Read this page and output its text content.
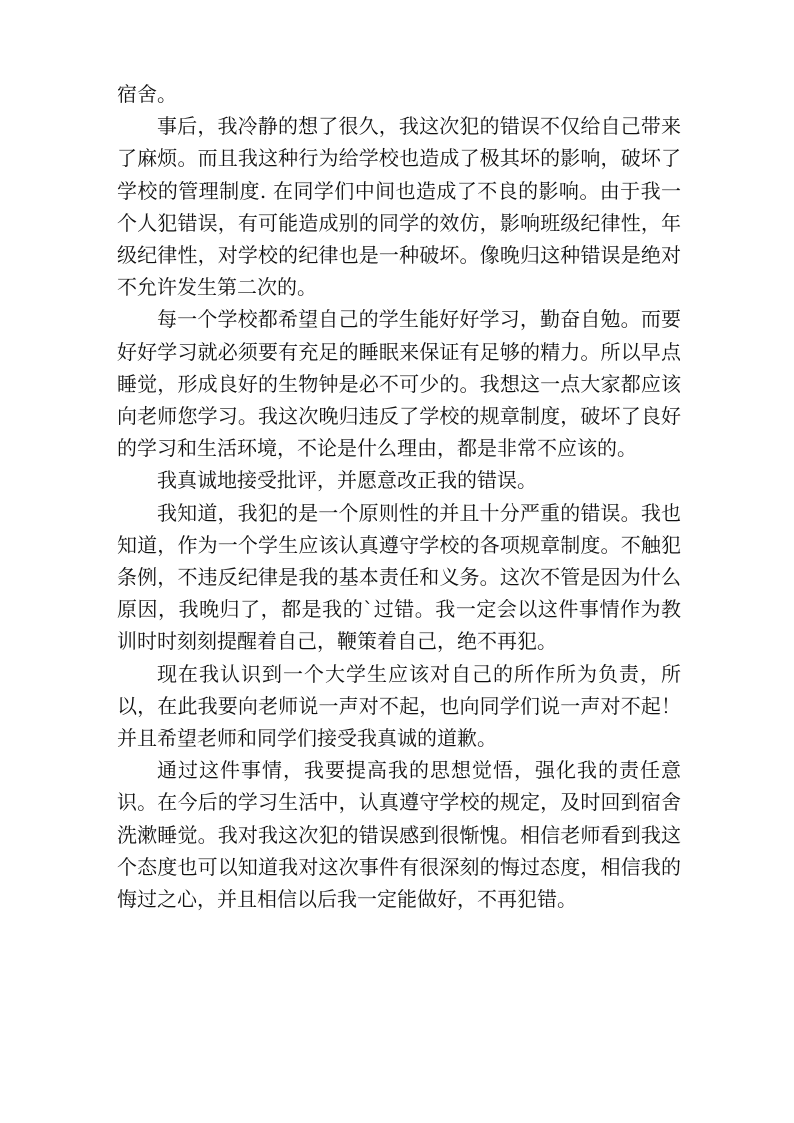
宿舍。

事后，我冷静的想了很久，我这次犯的错误不仅给自己带来了麻烦。而且我这种行为给学校也造成了极其坏的影响，破坏了学校的管理制度. 在同学们中间也造成了不良的影响。由于我一个人犯错误，有可能造成别的同学的效仿，影响班级纪律性，年级纪律性，对学校的纪律也是一种破坏。像晚归这种错误是绝对不允许发生第二次的。

每一个学校都希望自己的学生能好好学习，勤奋自勉。而要好好学习就必须要有充足的睡眠来保证有足够的精力。所以早点睡觉，形成良好的生物钟是必不可少的。我想这一点大家都应该向老师您学习。我这次晚归违反了学校的规章制度，破坏了良好的学习和生活环境，不论是什么理由，都是非常不应该的。

我真诚地接受批评，并愿意改正我的错误。

我知道，我犯的是一个原则性的并且十分严重的错误。我也知道，作为一个学生应该认真遵守学校的各项规章制度。不触犯条例，不违反纪律是我的基本责任和义务。这次不管是因为什么原因，我晚归了，都是我的`过错。我一定会以这件事情作为教训时时刻刻提醒着自己，鞭策着自己，绝不再犯。

现在我认识到一个大学生应该对自己的所作所为负责，所以，在此我要向老师说一声对不起，也向同学们说一声对不起！并且希望老师和同学们接受我真诚的道歉。

通过这件事情，我要提高我的思想觉悟，强化我的责任意识。在今后的学习生活中，认真遵守学校的规定，及时回到宿舍洗漱睡觉。我对我这次犯的错误感到很惭愧。相信老师看到我这个态度也可以知道我对这次事件有很深刻的悔过态度，相信我的悔过之心，并且相信以后我一定能做好，不再犯错。
